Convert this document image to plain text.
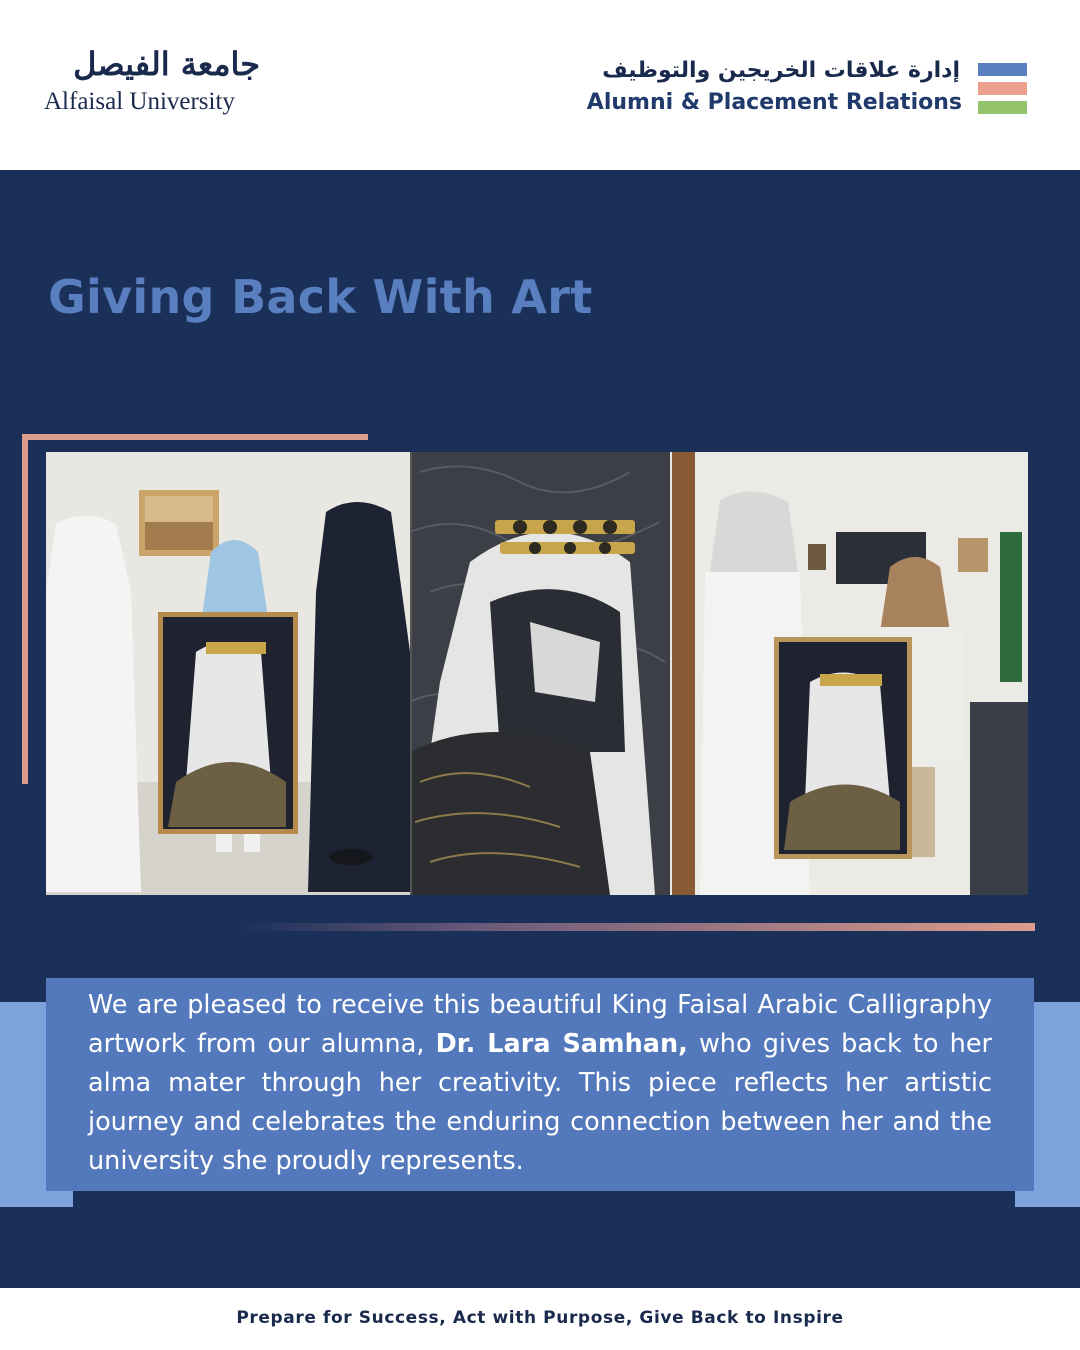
جامعة الفيصل
Alfaisal University
إدارة علاقات الخريجين والتوظيف
Alumni & Placement Relations
Giving Back With Art

We are pleased to receive this beautiful King Faisal Arabic Calligraphy artwork from our alumna, Dr. Lara Samhan, who gives back to her alma mater through her creativity. This piece reflects her artistic journey and celebrates the enduring connection between her and the university she proudly represents.

Prepare for Success, Act with Purpose, Give Back to Inspire
